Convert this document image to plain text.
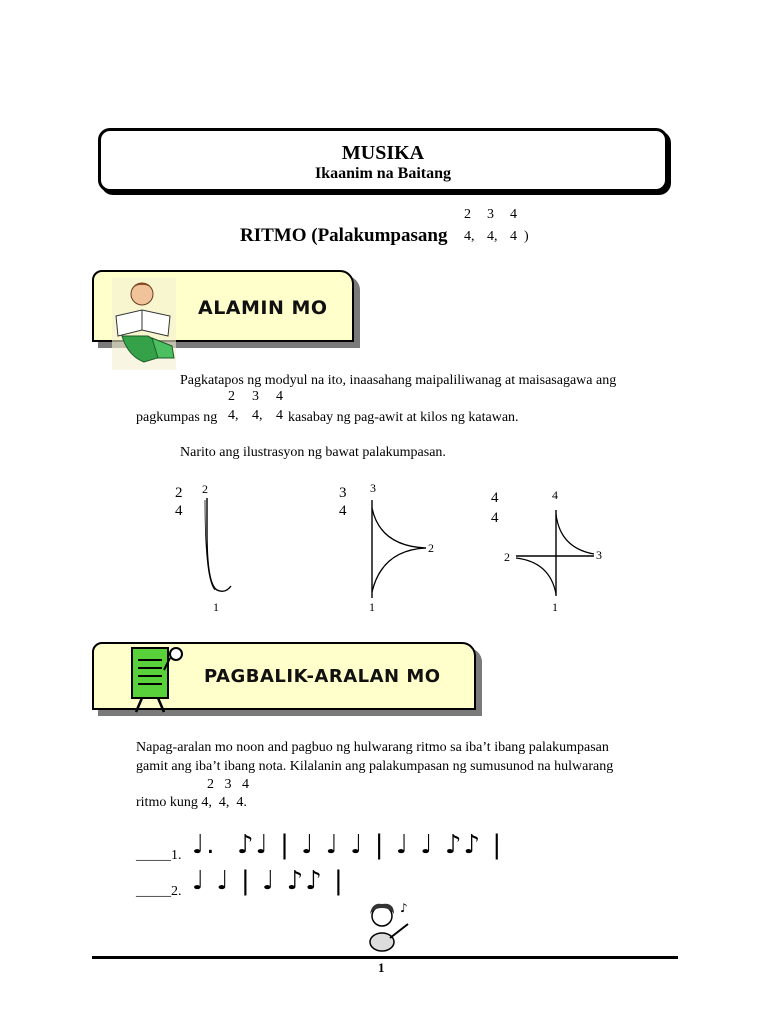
MUSIKA
Ikaanim na Baitang
RITMO (Palakumpasang
2 3 4
4, 4, 4 )
ALAMIN MO
Pagkatapos ng modyul na ito, inaasahang maipaliliwanag at maisasagawa ang
2 3 4
pagkumpas ng 4, 4, 4 kasabay ng pag-awit at kilos ng katawan.
Narito ang ilustrasyon ng bawat palakumpasan.
2
4
2
1
3
4
3
2
1
4
4
4
2	3
1
PAGBALIK-ARALAN MO
Napag-aralan mo noon and pagbuo ng hulwarang ritmo sa iba’t ibang palakumpasan
gamit ang iba’t ibang nota. Kilalanin ang palakumpasan ng sumusunod na hulwarang
2   3   4
ritmo kung 4,  4,  4.
_____1. ♩.  ♪♩ | ♩ ♩ ♩ | ♩ ♩ ♪♪ |
_____2. ♩ ♩ | ♩ ♪♪ |
♪
1
